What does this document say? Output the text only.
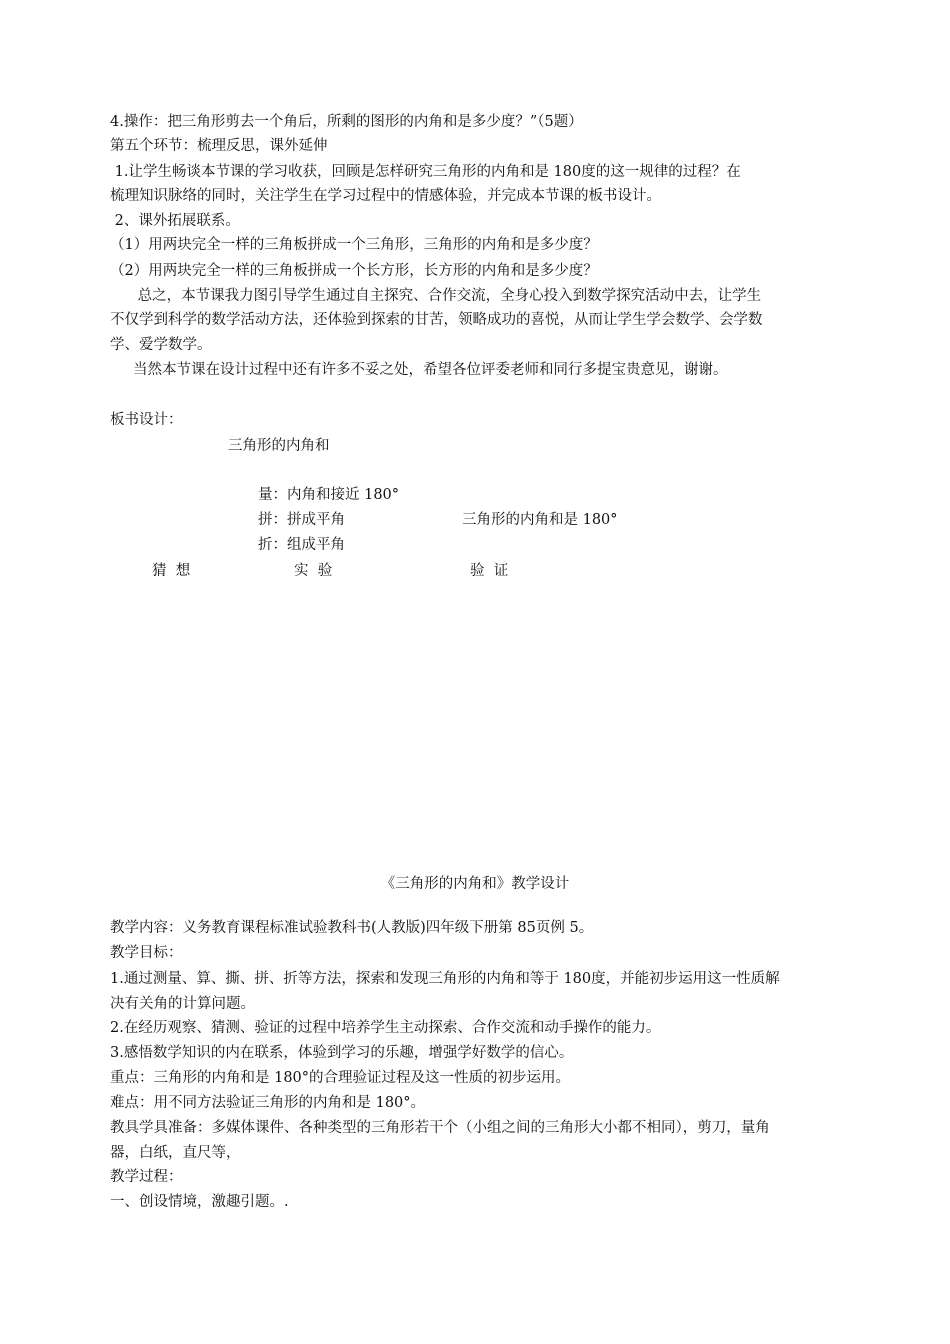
4.操作：把三角形剪去一个角后，所剩的图形的内角和是多少度？”（5题）
第五个环节：梳理反思，课外延伸
1.让学生畅谈本节课的学习收获，回顾是怎样研究三角形的内角和是 180度的这一规律的过程？在
梳理知识脉络的同时，关注学生在学习过程中的情感体验，并完成本节课的板书设计。
2、课外拓展联系。
（1）用两块完全一样的三角板拼成一个三角形，三角形的内角和是多少度？
（2）用两块完全一样的三角板拼成一个长方形，长方形的内角和是多少度？
总之，本节课我力图引导学生通过自主探究、合作交流，全身心投入到数学探究活动中去，让学生
不仅学到科学的数学活动方法，还体验到探索的甘苦，领略成功的喜悦，从而让学生学会数学、会学数
学、爱学数学。
当然本节课在设计过程中还有许多不妥之处，希望各位评委老师和同行多提宝贵意见，谢谢。
板书设计：
三角形的内角和
量：内角和接近 180°
拼：拼成平角	三角形的内角和是 180°
折：组成平角
猜  想	实  验	验  证
《三角形的内角和》教学设计
教学内容：义务教育课程标准试验教科书(人教版)四年级下册第 85页例 5。
教学目标：
1.通过测量、算、撕、拼、折等方法，探索和发现三角形的内角和等于 180度，并能初步运用这一性质解
决有关角的计算问题。
2.在经历观察、猜测、验证的过程中培养学生主动探索、合作交流和动手操作的能力。
3.感悟数学知识的内在联系，体验到学习的乐趣，增强学好数学的信心。
重点：三角形的内角和是 180°的合理验证过程及这一性质的初步运用。
难点：用不同方法验证三角形的内角和是 180°。
教具学具准备：多媒体课件、各种类型的三角形若干个（小组之间的三角形大小都不相同），剪刀，量角
器，白纸，直尺等，
教学过程：
一、创设情境，激趣引题。.
